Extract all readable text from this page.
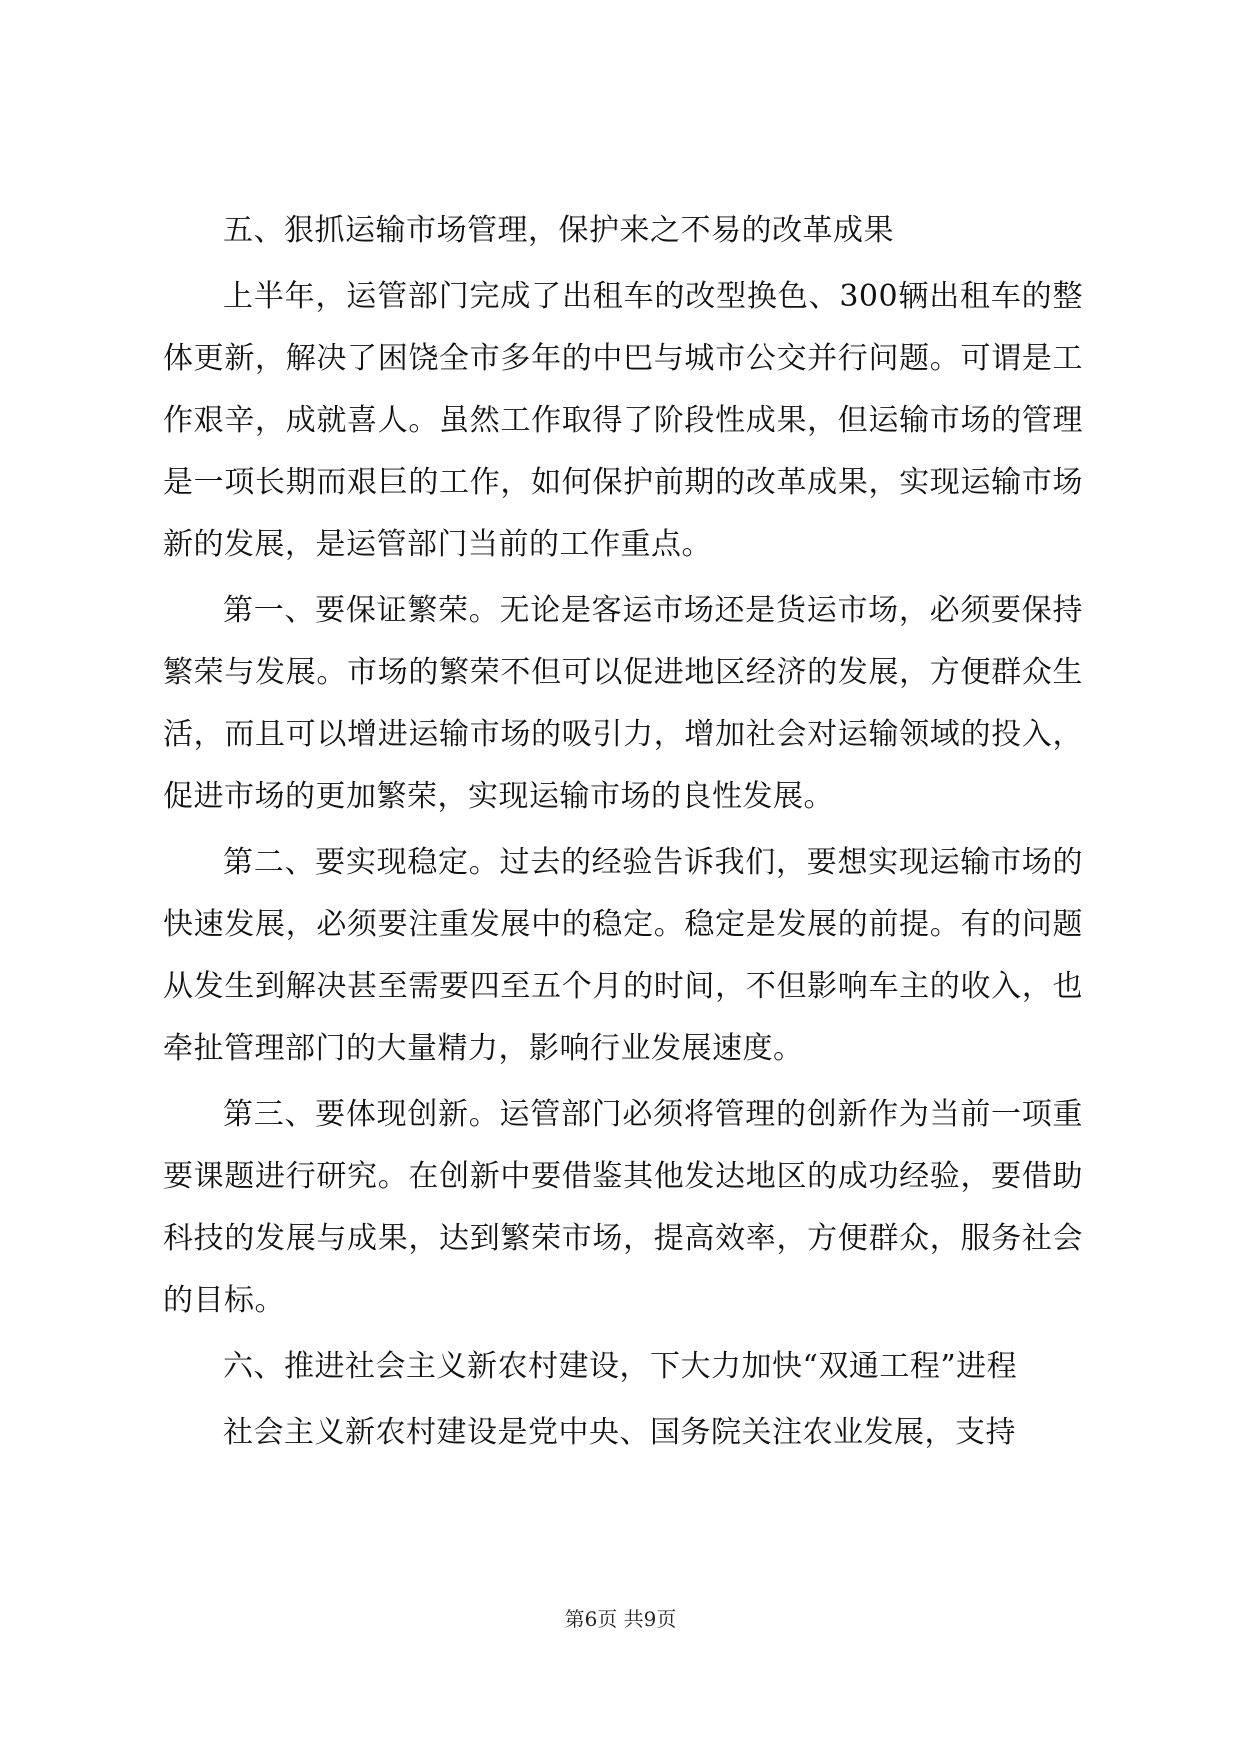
五、狠抓运输市场管理，保护来之不易的改革成果

上半年，运管部门完成了出租车的改型换色、300辆出租车的整体更新，解决了困饶全市多年的中巴与城市公交并行问题。可谓是工作艰辛，成就喜人。虽然工作取得了阶段性成果，但运输市场的管理是一项长期而艰巨的工作，如何保护前期的改革成果，实现运输市场新的发展，是运管部门当前的工作重点。

第一、要保证繁荣。无论是客运市场还是货运市场，必须要保持繁荣与发展。市场的繁荣不但可以促进地区经济的发展，方便群众生活，而且可以增进运输市场的吸引力，增加社会对运输领域的投入，促进市场的更加繁荣，实现运输市场的良性发展。

第二、要实现稳定。过去的经验告诉我们，要想实现运输市场的快速发展，必须要注重发展中的稳定。稳定是发展的前提。有的问题从发生到解决甚至需要四至五个月的时间，不但影响车主的收入，也牵扯管理部门的大量精力，影响行业发展速度。

第三、要体现创新。运管部门必须将管理的创新作为当前一项重要课题进行研究。在创新中要借鉴其他发达地区的成功经验，要借助科技的发展与成果，达到繁荣市场，提高效率，方便群众，服务社会的目标。

六、推进社会主义新农村建设，下大力加快“双通工程”进程

社会主义新农村建设是党中央、国务院关注农业发展，支持

第6页 共9页
